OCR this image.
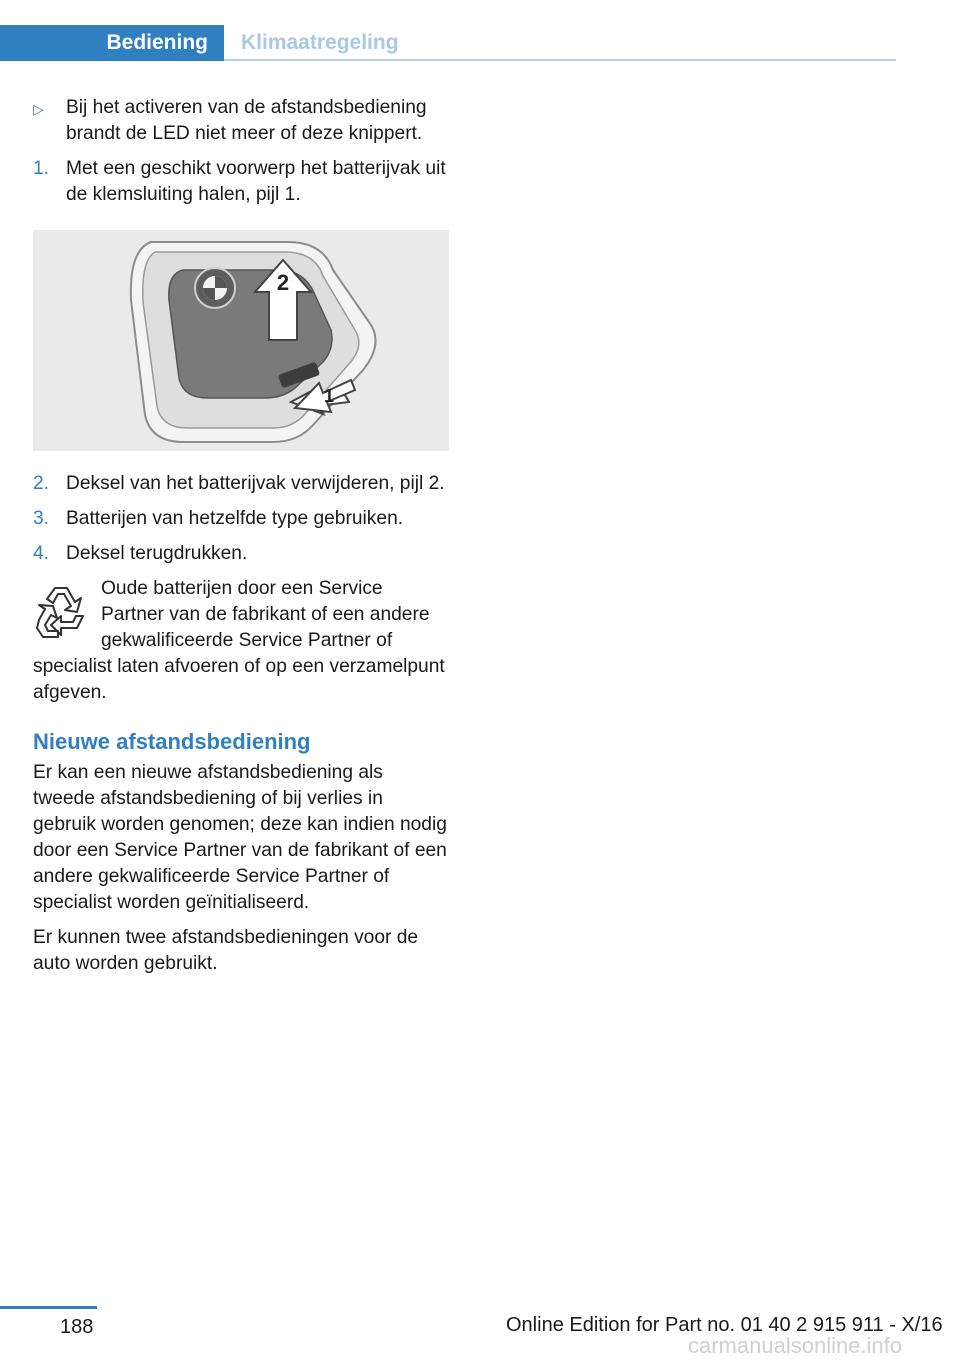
Bediening	Klimaatregeling
▷ Bij het activeren van de afstandsbediening brandt de LED niet meer of deze knippert.
1. Met een geschikt voorwerp het batterijvak uit de klemsluiting halen, pijl 1.
2
1
2. Deksel van het batterijvak verwijderen, pijl 2.
3. Batterijen van hetzelfde type gebruiken.
4. Deksel terugdrukken.
Oude batterijen door een Service Partner van de fabrikant of een andere gekwalificeerde Service Partner of specialist laten afvoeren of op een verzamelpunt afgeven.
Nieuwe afstandsbediening

Er kan een nieuwe afstandsbediening als tweede afstandsbediening of bij verlies in gebruik worden genomen; deze kan indien nodig door een Service Partner van de fabrikant of een andere gekwalificeerde Service Partner of specialist worden geïnitialiseerd.

Er kunnen twee afstandsbedieningen voor de auto worden gebruikt.

188	Online Edition for Part no. 01 40 2 915 911 - X/16
carmanualsonline.info
